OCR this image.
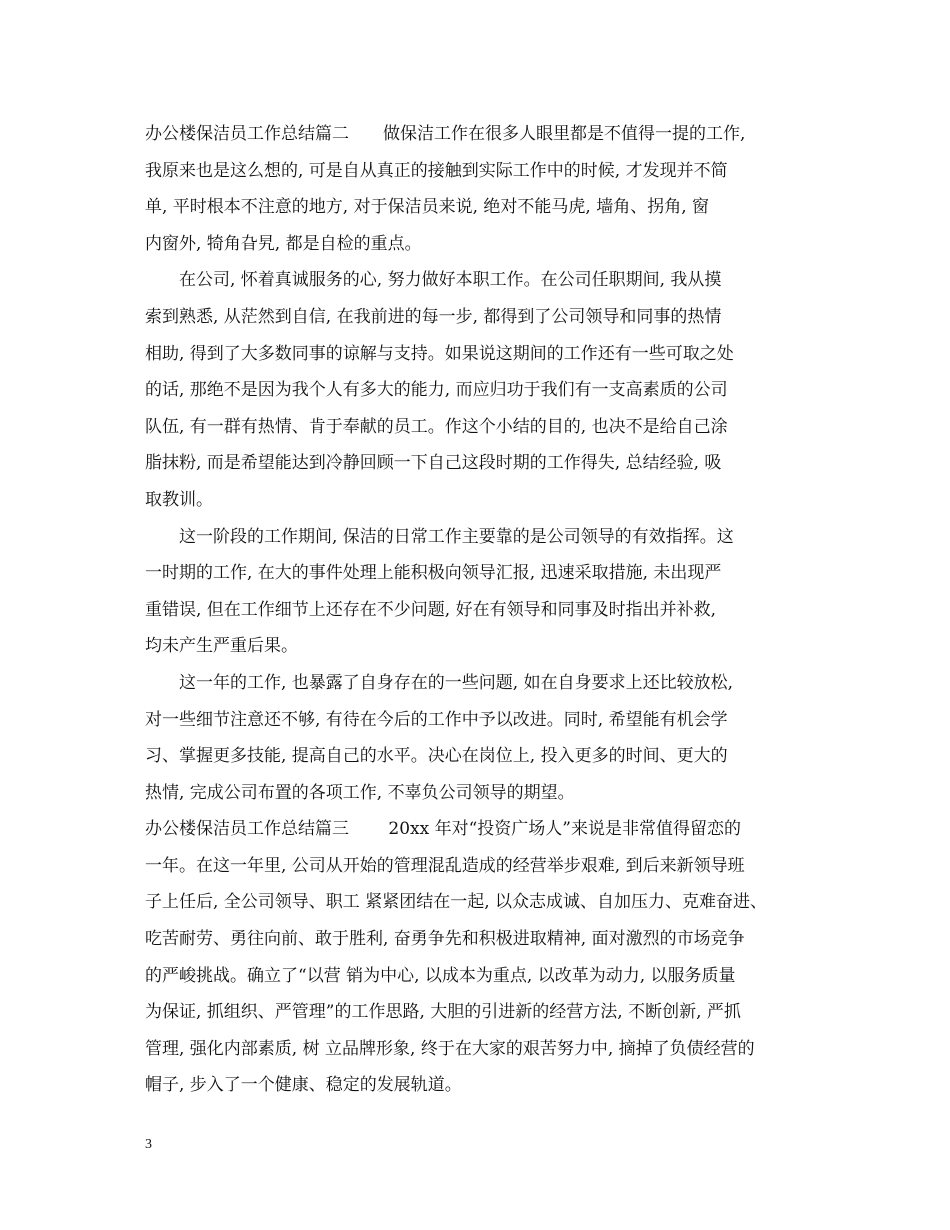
办公楼保洁员工作总结篇二　　做保洁工作在很多人眼里都是不值得一提的工作,
我原来也是这么想的, 可是自从真正的接触到实际工作中的时候, 才发现并不简
单, 平时根本不注意的地方, 对于保洁员来说, 绝对不能马虎, 墙角、拐角, 窗
内窗外, 犄角旮旯, 都是自检的重点。
　　在公司, 怀着真诚服务的心, 努力做好本职工作。在公司任职期间, 我从摸
索到熟悉, 从茫然到自信, 在我前进的每一步, 都得到了公司领导和同事的热情
相助, 得到了大多数同事的谅解与支持。如果说这期间的工作还有一些可取之处
的话, 那绝不是因为我个人有多大的能力, 而应归功于我们有一支高素质的公司
队伍, 有一群有热情、肯于奉献的员工。作这个小结的目的, 也决不是给自己涂
脂抹粉, 而是希望能达到冷静回顾一下自己这段时期的工作得失, 总结经验, 吸
取教训。
　　这一阶段的工作期间, 保洁的日常工作主要靠的是公司领导的有效指挥。这
一时期的工作, 在大的事件处理上能积极向领导汇报, 迅速采取措施, 未出现严
重错误, 但在工作细节上还存在不少问题, 好在有领导和同事及时指出并补救,
均未产生严重后果。
　　这一年的工作, 也暴露了自身存在的一些问题, 如在自身要求上还比较放松,
对一些细节注意还不够, 有待在今后的工作中予以改进。同时, 希望能有机会学
习、掌握更多技能, 提高自己的水平。决心在岗位上, 投入更多的时间、更大的
热情, 完成公司布置的各项工作, 不辜负公司领导的期望。
办公楼保洁员工作总结篇三　　 20xx 年对“投资广场人”来说是非常值得留恋的
一年。在这一年里, 公司从开始的管理混乱造成的经营举步艰难, 到后来新领导班
子上任后, 全公司领导、职工 紧紧团结在一起, 以众志成诚、自加压力、克难奋进、
吃苦耐劳、勇往向前、敢于胜利, 奋勇争先和积极进取精神, 面对激烈的市场竞争
的严峻挑战。确立了“以营 销为中心, 以成本为重点, 以改革为动力, 以服务质量
为保证, 抓组织、严管理”的工作思路, 大胆的引进新的经营方法, 不断创新, 严抓
管理, 强化内部素质, 树 立品牌形象, 终于在大家的艰苦努力中, 摘掉了负债经营的
帽子, 步入了一个健康、稳定的发展轨道。
3
